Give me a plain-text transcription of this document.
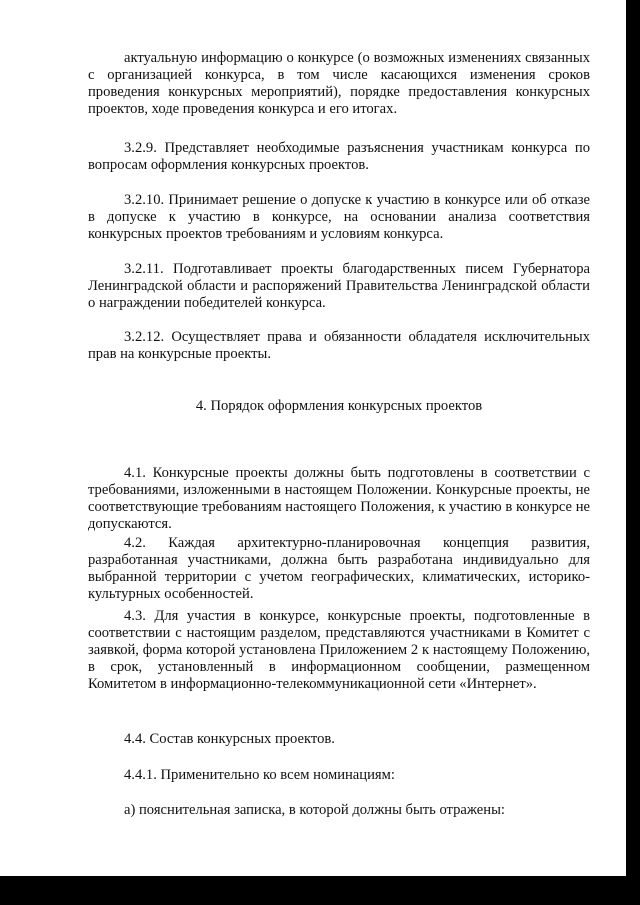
актуальную информацию о конкурсе (о возможных изменениях связанных с организацией конкурса, в том числе касающихся изменения сроков проведения конкурсных мероприятий), порядке предоставления конкурсных проектов, ходе проведения конкурса и его итогах.

3.2.9. Представляет необходимые разъяснения участникам конкурса по вопросам оформления конкурсных проектов.

3.2.10. Принимает решение о допуске к участию в конкурсе или об отказе в допуске к участию в конкурсе, на основании анализа соответствия конкурсных проектов требованиям и условиям конкурса.

3.2.11. Подготавливает проекты благодарственных писем Губернатора Ленинградской области и распоряжений Правительства Ленинградской области о награждении победителей конкурса.

3.2.12. Осуществляет права и обязанности обладателя исключительных прав на конкурсные проекты.

4. Порядок оформления конкурсных проектов

4.1. Конкурсные проекты должны быть подготовлены в соответствии с требованиями, изложенными в настоящем Положении. Конкурсные проекты, не соответствующие требованиям настоящего Положения, к участию в конкурсе не допускаются.

4.2. Каждая архитектурно-планировочная концепция развития, разработанная участниками, должна быть разработана индивидуально для выбранной территории с учетом географических, климатических, историко-культурных особенностей.

4.3. Для участия в конкурсе, конкурсные проекты, подготовленные в соответствии с настоящим разделом, представляются участниками в Комитет с заявкой, форма которой установлена Приложением 2 к настоящему Положению, в срок, установленный в информационном сообщении, размещенном Комитетом в информационно-телекоммуникационной сети «Интернет».

4.4. Состав конкурсных проектов.

4.4.1. Применительно ко всем номинациям:

а) пояснительная записка, в которой должны быть отражены:
